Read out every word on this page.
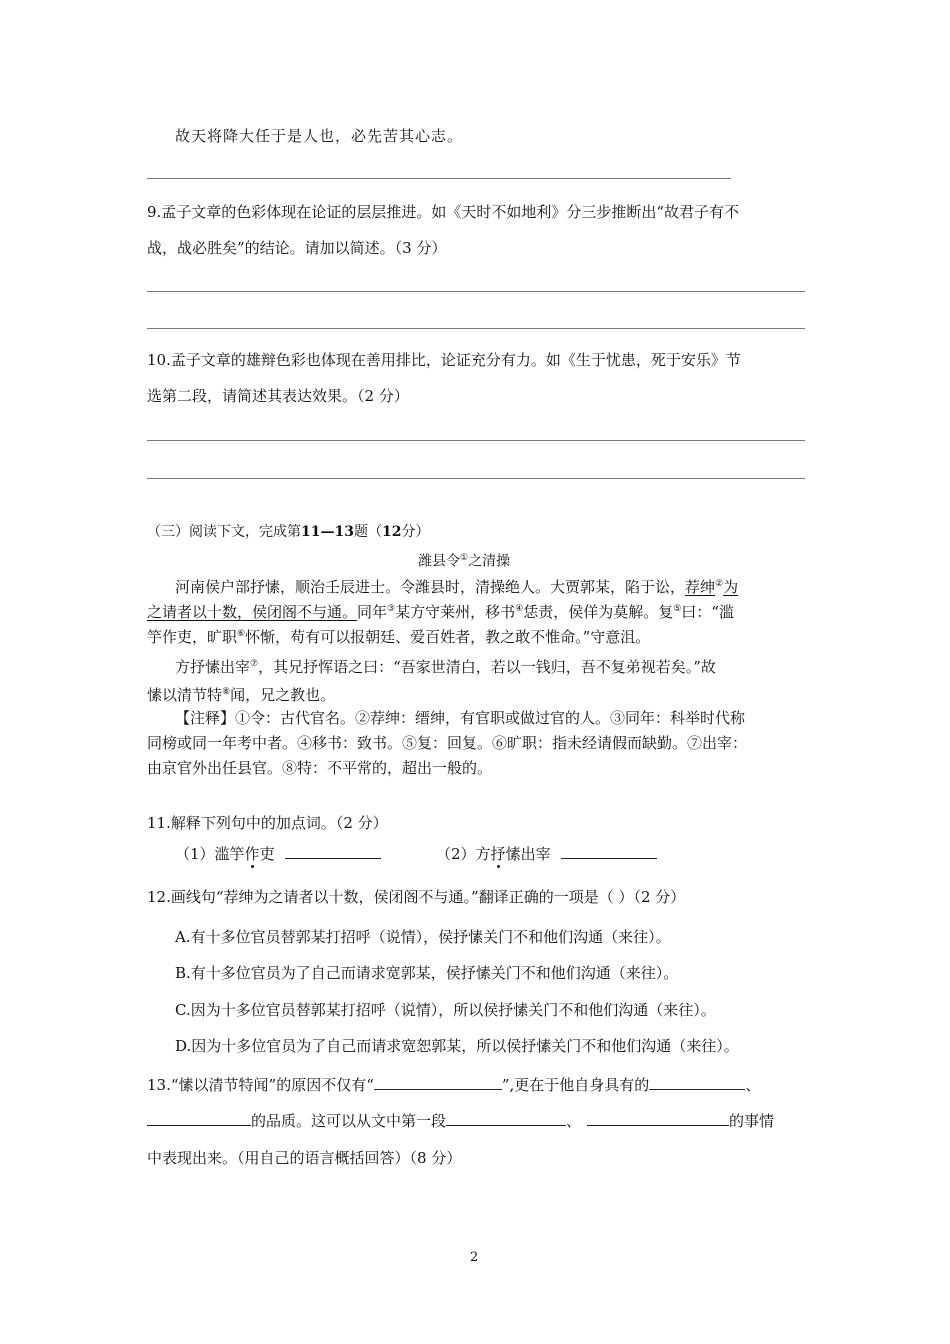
故天将降大任于是人也，必先苦其心志。
9.孟子文章的色彩体现在论证的层层推进。如《天时不如地利》分三步推断出“故君子有不
战，战必胜矣”的结论。请加以简述。（3 分）
10.孟子文章的雄辩色彩也体现在善用排比，论证充分有力。如《生于忧患，死于安乐》节
选第二段，请简述其表达效果。（2 分）
（三）阅读下文，完成第11—13题（12分）
潍县令①之清操
河南侯户部抒愫，顺治壬辰进士。令潍县时，清操绝人。大贾郭某，陷于讼，荐绅②为
之请者以十数，侯闭阁不与通。同年③某方守莱州，移书④恁责，侯佯为莫解。复⑤曰：“滥
竽作吏，旷职⑥怀惭，苟有可以报朝廷、爱百姓者，教之敢不惟命。”守意沮。
方抒愫出宰⑦，其兄抒恽语之曰：“吾家世清白，若以一钱归，吾不复弟视若矣。”故
愫以清节特⑧闻，兄之教也。
【注释】①令：古代官名。②荐绅：缙绅，有官职或做过官的人。③同年：科举时代称
同榜或同一年考中者。④移书：致书。⑤复：回复。⑥旷职：指未经请假而缺勤。⑦出宰：
由京官外出任县官。⑧特：不平常的，超出一般的。
11.解释下列句中的加点词。（2 分）
（1）滥竽作吏	（2）方抒愫出宰
12.画线句“荐绅为之请者以十数，侯闭阁不与通。”翻译正确的一项是（ ）（2 分）
A.有十多位官员替郭某打招呼（说情），侯抒愫关门不和他们沟通（来往）。
B.有十多位官员为了自己而请求宽郭某，侯抒愫关门不和他们沟通（来往）。
C.因为十多位官员替郭某打招呼（说情），所以侯抒愫关门不和他们沟通（来往）。
D.因为十多位官员为了自己而请求宽恕郭某，所以侯抒愫关门不和他们沟通（来往）。
13.“愫以清节特闻”的原因不仅有“	”,更在于他自身具有的	、
的品质。这可以从文中第一段	、	的事情
中表现出来。（用自己的语言概括回答）（8 分）
2
